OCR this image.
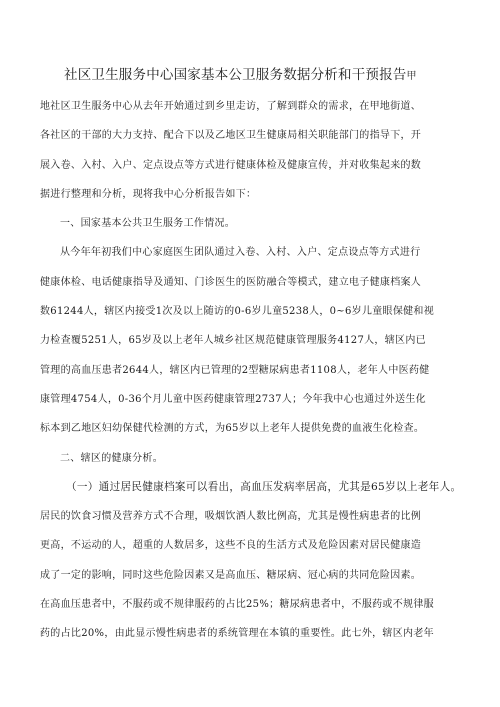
社区卫生服务中心国家基本公卫服务数据分析和干预报告甲

地社区卫生服务中心从去年开始通过到乡里走访，了解到群众的需求，在甲地街道、

各社区的干部的大力支持、配合下以及乙地区卫生健康局相关职能部门的指导下，开

展入卷、入村、入户、定点设点等方式进行健康体检及健康宣传，并对收集起来的数

据进行整理和分析，现将我中心分析报告如下：

一、国家基本公共卫生服务工作情况。

从今年年初我们中心家庭医生团队通过入卷、入村、入户、定点设点等方式进行

健康体检、电话健康指导及通知、门诊医生的医防融合等模式，建立电子健康档案人

数61244人，辖区内接受1次及以上随访的0-6岁儿童5238人，0~6岁儿童眼保健和视

力检查覆5251人，65岁及以上老年人城乡社区规范健康管理服务4127人，辖区内已

管理的高血压患者2644人，辖区内已管理的2型糖尿病患者1108人，老年人中医药健

康管理4754人，0-36个月儿童中医药健康管理2737人；今年我中心也通过外送生化

标本到乙地区妇幼保健代检测的方式，为65岁以上老年人提供免费的血液生化检查。

二、辖区的健康分析。

（一）通过居民健康档案可以看出，高血压发病率居高，尤其是65岁以上老年人。

居民的饮食习惯及营养方式不合理，吸烟饮酒人数比例高，尤其是慢性病患者的比例

更高，不运动的人，超重的人数居多，这些不良的生活方式及危险因素对居民健康造

成了一定的影响，同时这些危险因素又是高血压、糖尿病、冠心病的共同危险因素。

在高血压患者中，不服药或不规律服药的占比25%；糖尿病患者中，不服药或不规律服

药的占比20%，由此显示慢性病患者的系统管理在本镇的重要性。此七外，辖区内老年
